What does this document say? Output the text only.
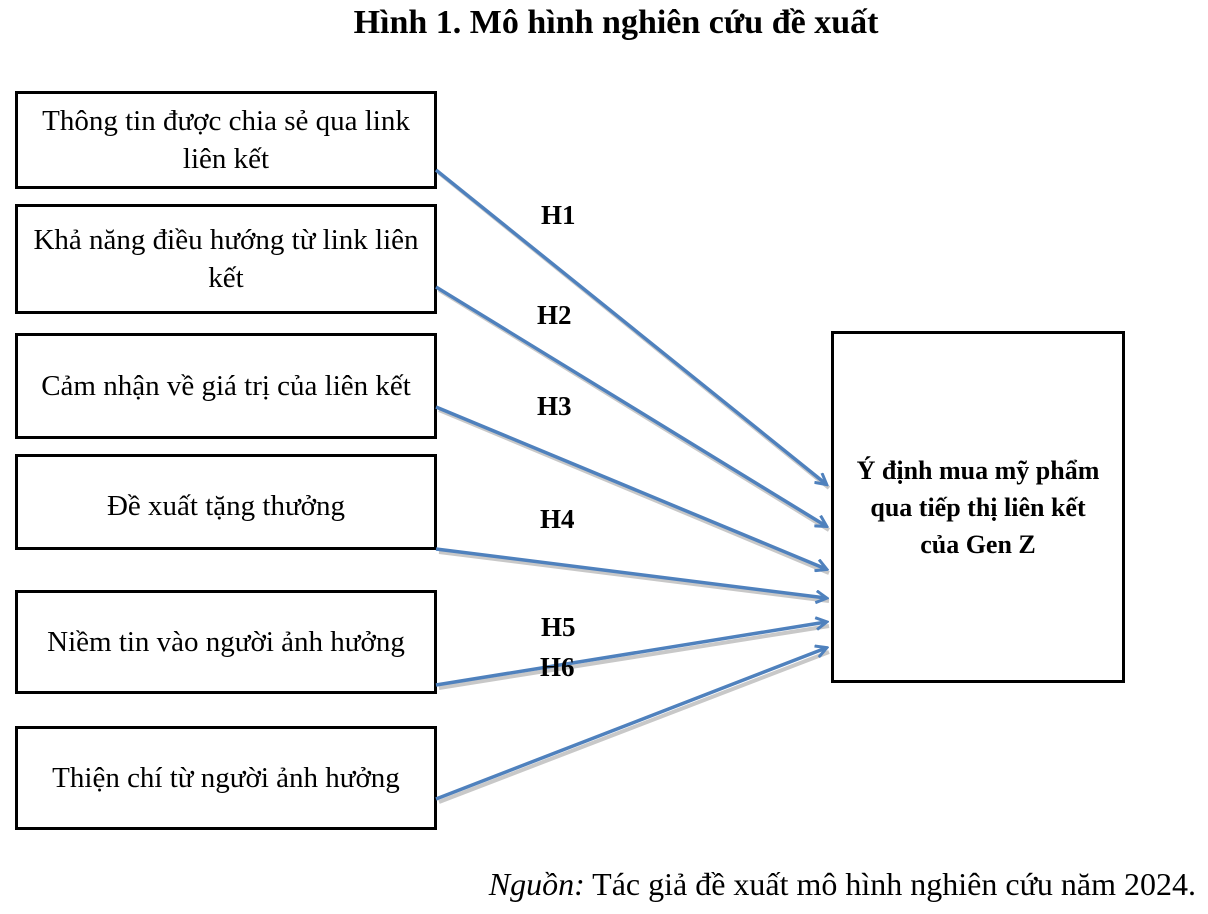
Hình 1. Mô hình nghiên cứu đề xuất
Thông tin được chia sẻ qua link liên kết
Khả năng điều hướng từ link liên kết
Cảm nhận về giá trị của liên kết
Đề xuất tặng thưởng
Niềm tin vào người ảnh hưởng
Thiện chí từ người ảnh hưởng
Ý định mua mỹ phẩm qua tiếp thị liên kết của Gen Z
H1
H2
H3
H4
H5
H6
Nguồn: Tác giả đề xuất mô hình nghiên cứu năm 2024.
